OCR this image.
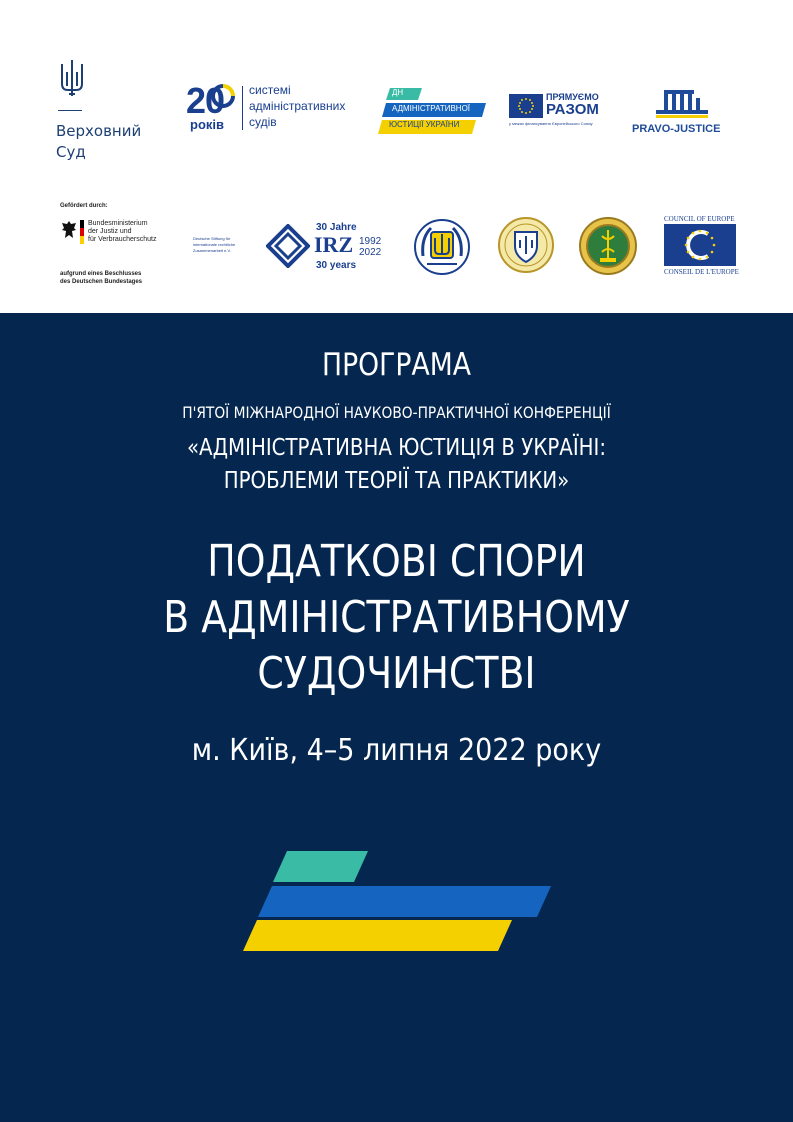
Верховний
Суд
20
років
системі
адміністративних
судів
ДН
АДМІНІСТРАТИВНОЇ
ЮСТИЦІЇ УКРАЇНИ
ПРЯМУЄМО
РАЗОМ
у межах фінансування Європейського Союзу	PRAVO-JUSTICE
Gefördert durch:
Bundesministerium
der Justiz und
für Verbraucherschutz
aufgrund eines Beschlusses
des Deutschen Bundestages
Deutsche Stiftung für
internationale rechtliche
Zusammenarbeit e.V.
30 Jahre
IRZ 1992
2022
30 years
COUNCIL OF EUROPE
CONSEIL DE L'EUROPE
ПРОГРАМА
П'ЯТОЇ МІЖНАРОДНОЇ НАУКОВО-ПРАКТИЧНОЇ КОНФЕРЕНЦІЇ
«АДМІНІСТРАТИВНА ЮСТИЦІЯ В УКРАЇНІ:
ПРОБЛЕМИ ТЕОРІЇ ТА ПРАКТИКИ»
ПОДАТКОВІ СПОРИ
В АДМІНІСТРАТИВНОМУ
СУДОЧИНСТВІ
м. Київ, 4–5 липня 2022 року
